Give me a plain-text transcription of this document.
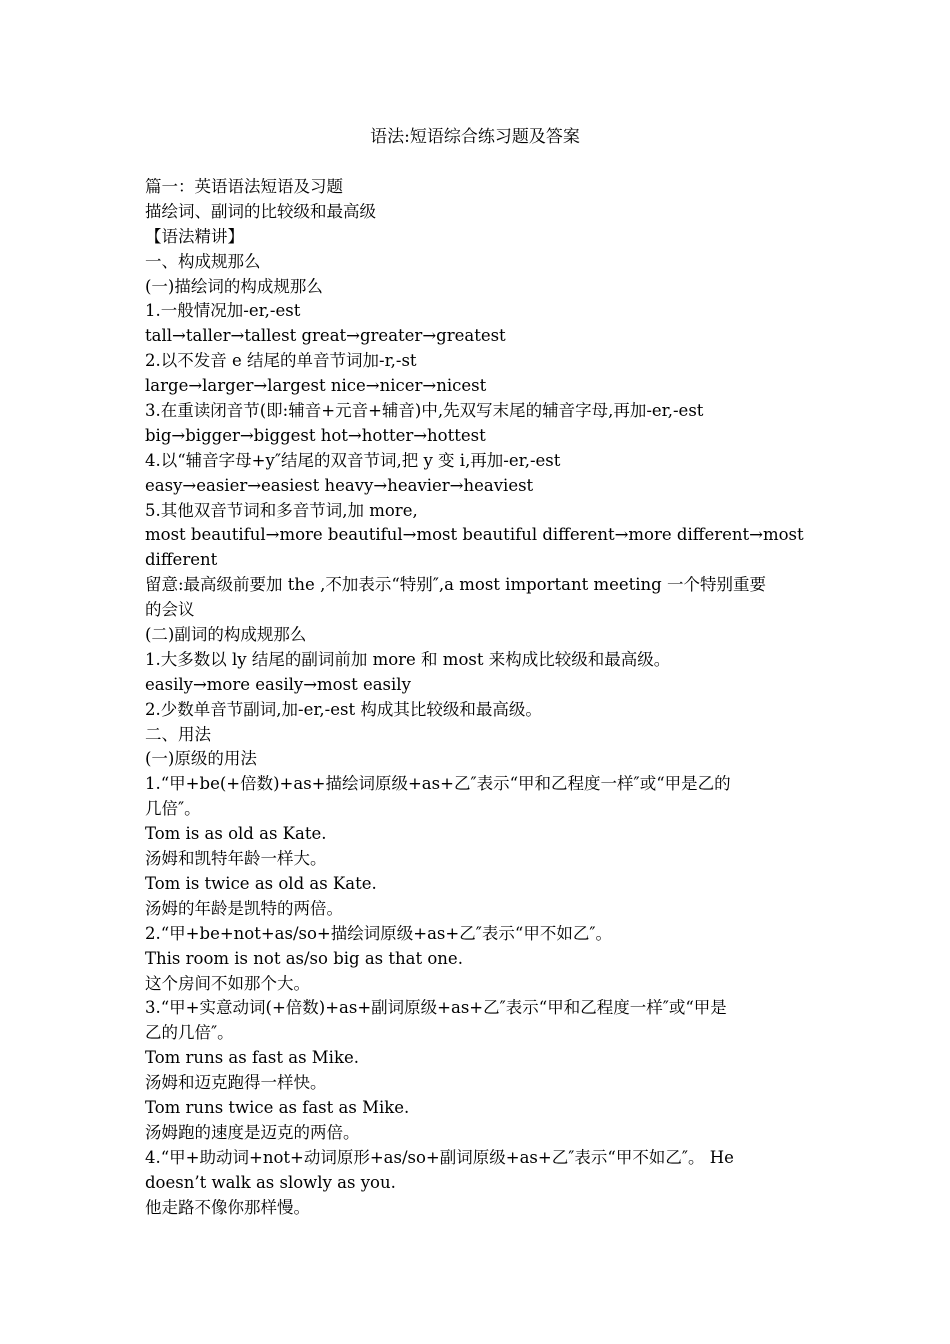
语法:短语综合练习题及答案
篇一：英语语法短语及习题
描绘词、副词的比较级和最高级
【语法精讲】
一、构成规那么
(一)描绘词的构成规那么
1.一般情况加-er,-est
tall→taller→tallest great→greater→greatest
2.以不发音 e 结尾的单音节词加-r,-st
large→larger→largest nice→nicer→nicest
3.在重读闭音节(即:辅音+元音+辅音)中,先双写末尾的辅音字母,再加-er,-est
big→bigger→biggest hot→hotter→hottest
4.以“辅音字母+y″结尾的双音节词,把 y 变 i,再加-er,-est
easy→easier→easiest heavy→heavier→heaviest
5.其他双音节词和多音节词,加 more,
most beautiful→more beautiful→most beautiful different→more different→most
different
留意:最高级前要加 the ,不加表示“特别″,a most important meeting 一个特别重要
的会议
(二)副词的构成规那么
1.大多数以 ly 结尾的副词前加 more 和 most 来构成比较级和最高级。
easily→more easily→most easily
2.少数单音节副词,加-er,-est 构成其比较级和最高级。
二、用法
(一)原级的用法
1.“甲+be(+倍数)+as+描绘词原级+as+乙″表示“甲和乙程度一样″或“甲是乙的
几倍″。
Tom is as old as Kate.
汤姆和凯特年龄一样大。
Tom is twice as old as Kate.
汤姆的年龄是凯特的两倍。
2.“甲+be+not+as/so+描绘词原级+as+乙″表示“甲不如乙″。
This room is not as/so big as that one.
这个房间不如那个大。
3.“甲+实意动词(+倍数)+as+副词原级+as+乙″表示“甲和乙程度一样″或“甲是
乙的几倍″。
Tom runs as fast as Mike.
汤姆和迈克跑得一样快。
Tom runs twice as fast as Mike.
汤姆跑的速度是迈克的两倍。
4.“甲+助动词+not+动词原形+as/so+副词原级+as+乙″表示“甲不如乙″。 He
doesn’t walk as slowly as you.
他走路不像你那样慢。
